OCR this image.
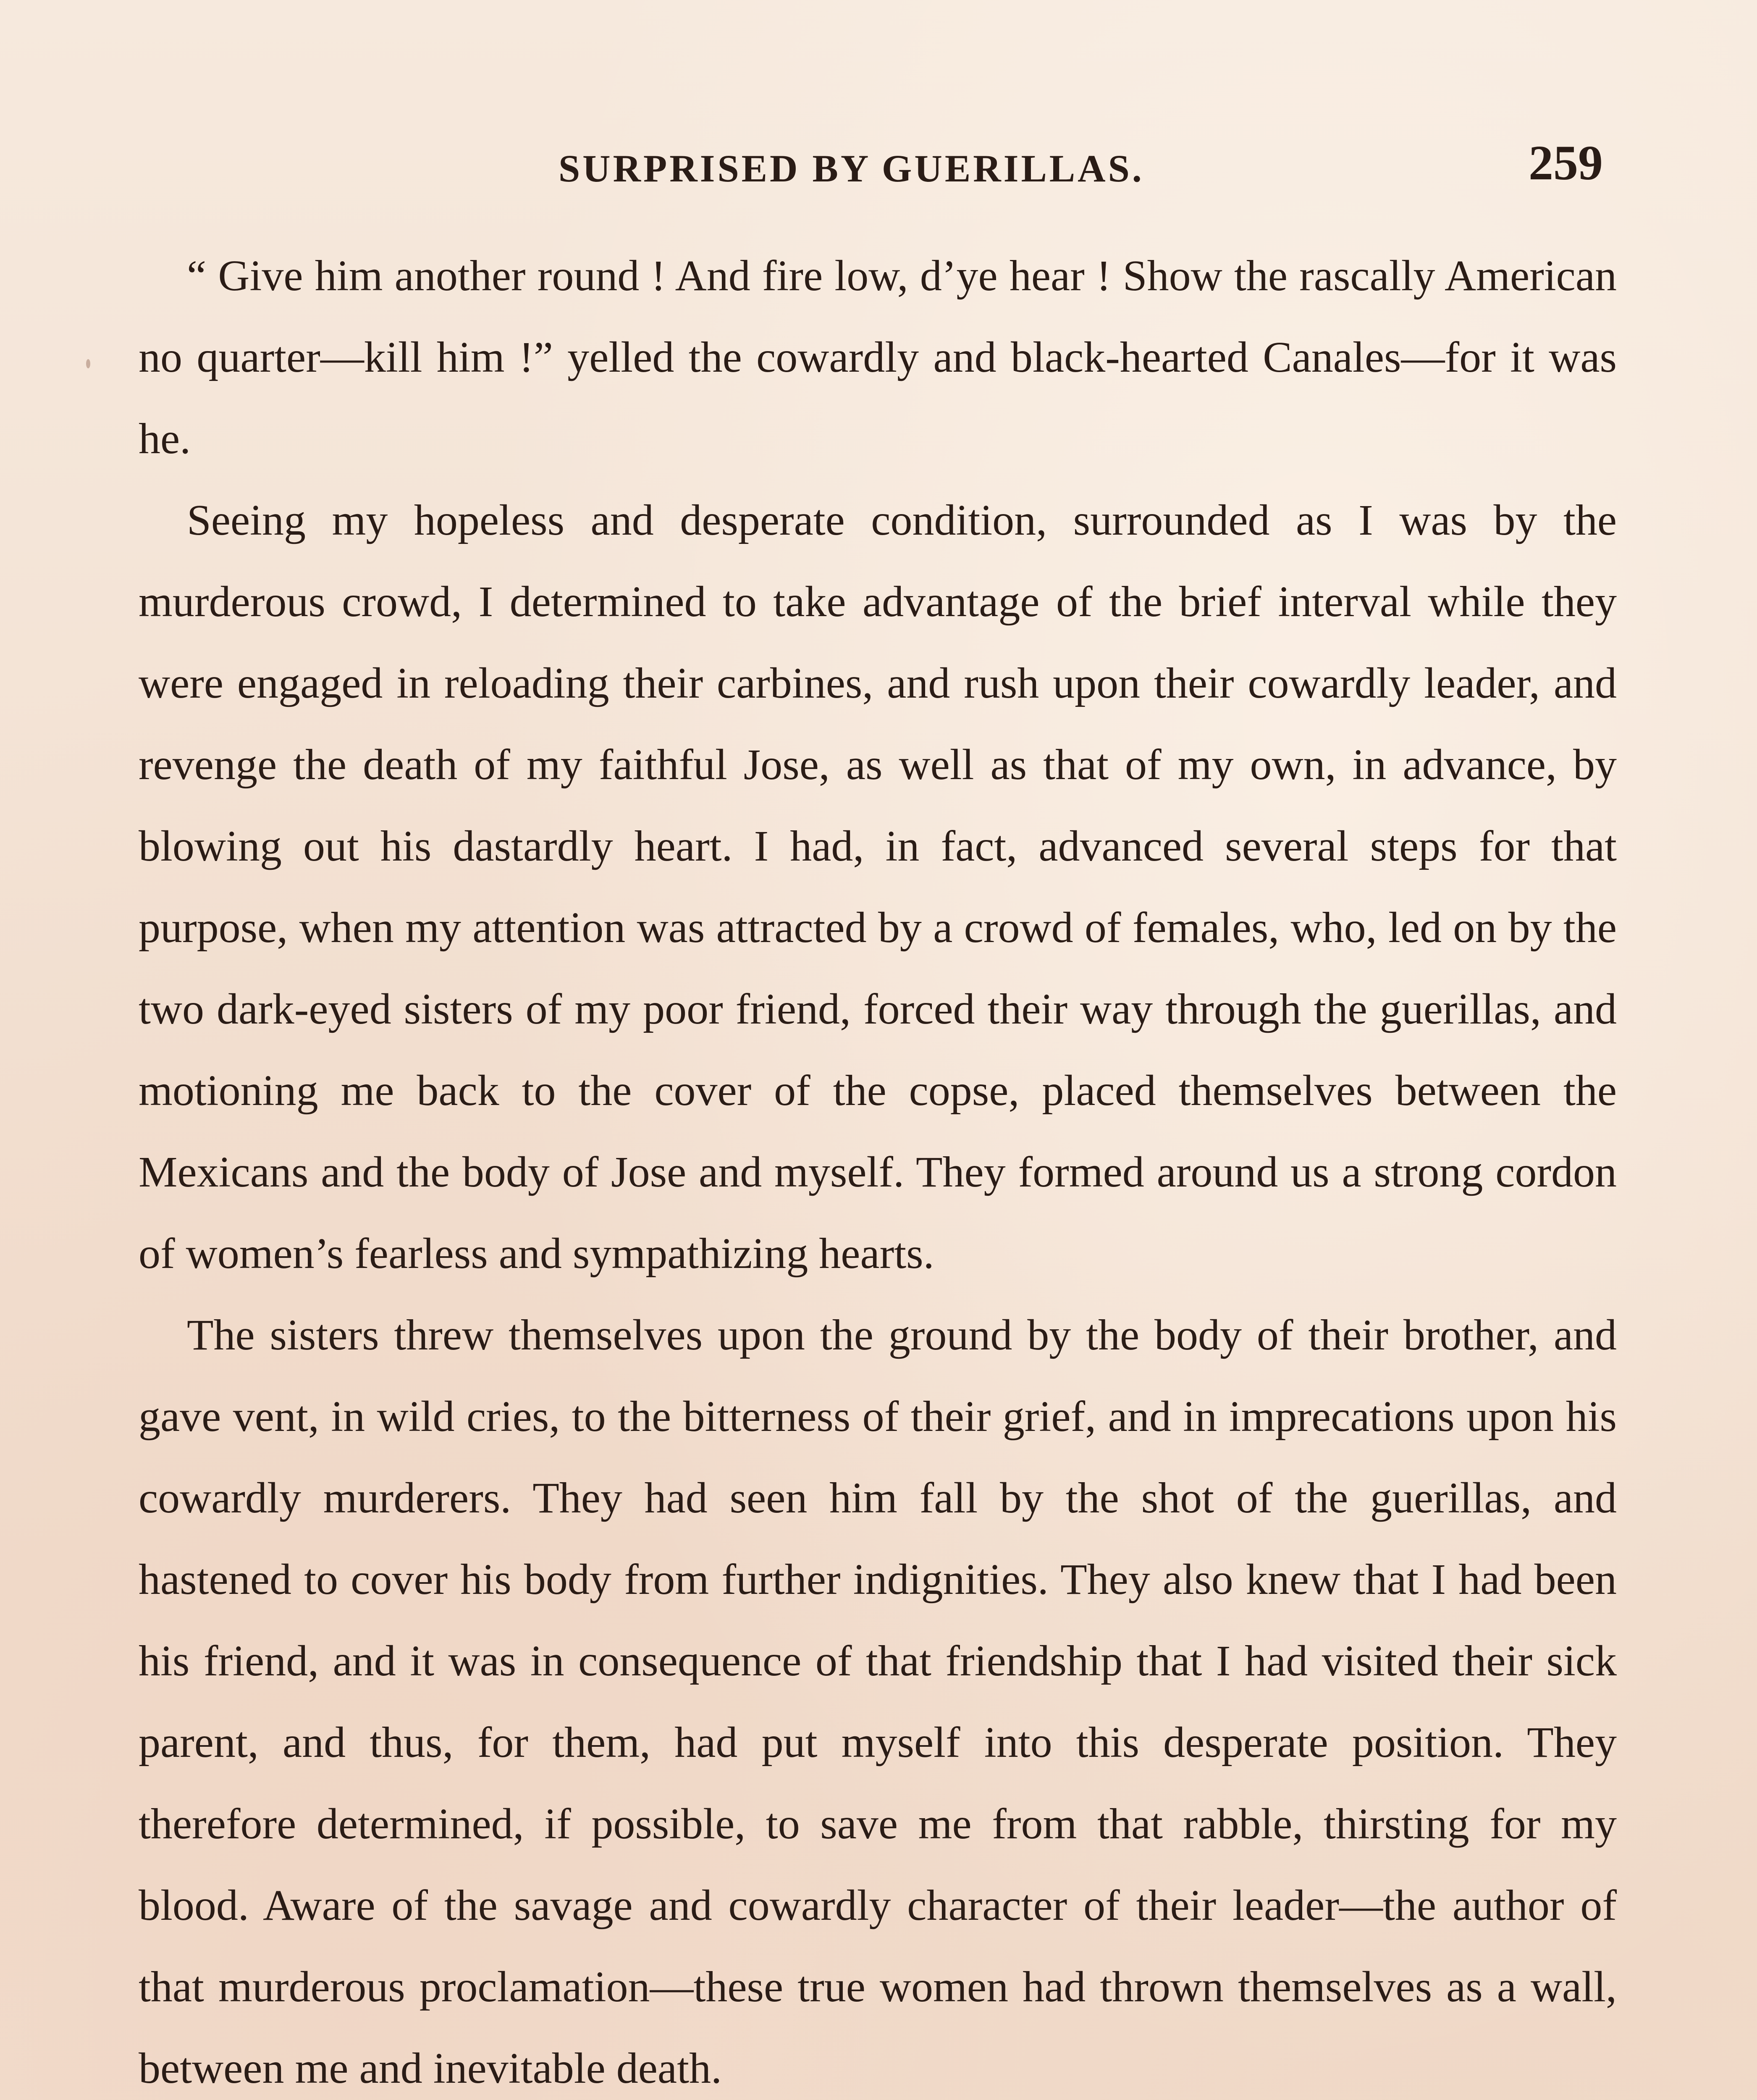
SURPRISED BY GUERILLAS.	259

“ Give him another round ! And fire low, d’ye hear ! Show the rascally American no quarter—kill him !” yelled the cowardly and black-hearted Canales—for it was he.

Seeing my hopeless and desperate condition, surrounded as I was by the murderous crowd, I determined to take advantage of the brief interval while they were engaged in reloading their carbines, and rush upon their cowardly leader, and revenge the death of my faithful Jose, as well as that of my own, in advance, by blowing out his dastardly heart. I had, in fact, advanced several steps for that purpose, when my attention was attracted by a crowd of females, who, led on by the two dark-eyed sisters of my poor friend, forced their way through the guerillas, and motioning me back to the cover of the copse, placed themselves between the Mexicans and the body of Jose and myself. They formed around us a strong cordon of women’s fearless and sympathizing hearts.

The sisters threw themselves upon the ground by the body of their brother, and gave vent, in wild cries, to the bitterness of their grief, and in imprecations upon his cowardly murderers. They had seen him fall by the shot of the guerillas, and hastened to cover his body from further indignities. They also knew that I had been his friend, and it was in consequence of that friendship that I had visited their sick parent, and thus, for them, had put myself into this desperate position. They therefore determined, if possible, to save me from that rabble, thirsting for my blood. Aware of the savage and cowardly character of their leader—the author of that murderous proclamation—these true women had thrown themselves as a wall, between me and inevitable death.
